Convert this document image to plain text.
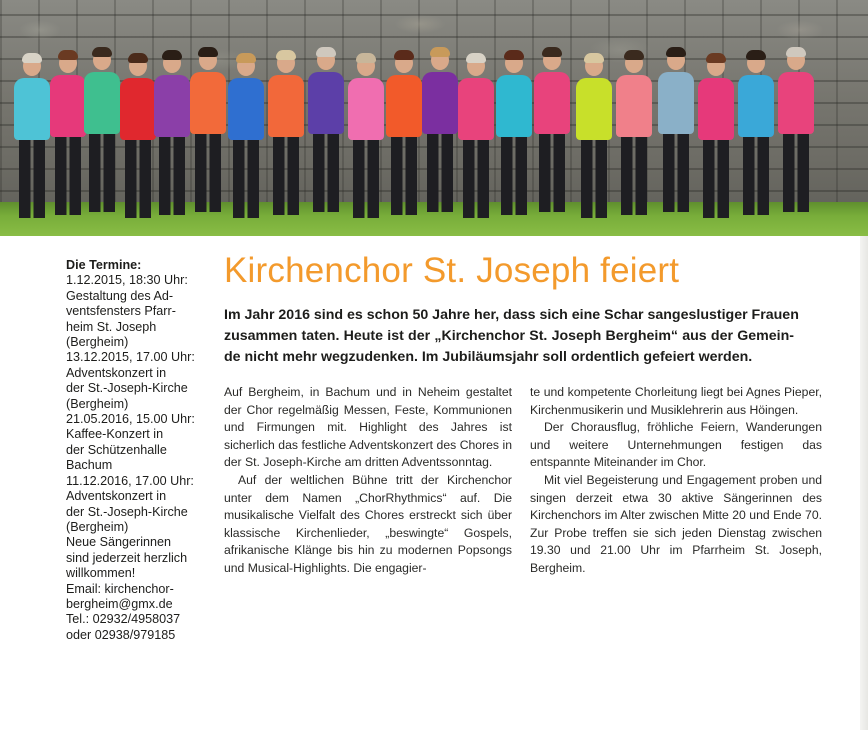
Die Termine:
1.12.2015, 18:30 Uhr:
Gestaltung des Ad-
ventsfensters Pfarr-
heim St. Joseph
(Bergheim)
13.12.2015, 17.00 Uhr:
Adventskonzert in
der St.-Joseph-Kirche
(Bergheim)
21.05.2016, 15.00 Uhr:
Kaffee-Konzert in
der Schützenhalle
Bachum
11.12.2016, 17.00 Uhr:
Adventskonzert in
der St.-Joseph-Kirche
(Bergheim)
Neue Sängerinnen
sind jederzeit herzlich
willkommen!
Email: kirchenchor-
bergheim@gmx.de
Tel.: 02932/4958037
oder 02938/979185
Kirchenchor St. Joseph feiert
Im Jahr 2016 sind es schon 50 Jahre her, dass sich eine Schar sangeslustiger Frauen
zusammen taten. Heute ist der „Kirchenchor St. Joseph Bergheim“ aus der Gemein-
de nicht mehr wegzudenken. Im Jubiläumsjahr soll ordentlich gefeiert werden.

Auf Bergheim, in Bachum und in Neheim gestaltet der Chor regelmäßig Messen, Feste, Kommunionen und Firmungen mit. Highlight des Jahres ist sicherlich das festliche Adventskonzert des Chores in der St. Joseph-Kirche am dritten Adventssonntag.

Auf der weltlichen Bühne tritt der Kirchenchor unter dem Namen „ChorRhythmics“ auf. Die musikalische Vielfalt des Chores erstreckt sich über klassische Kirchenlieder, „beswingte“ Gospels, afrikanische Klänge bis hin zu modernen Popsongs und Musical-Highlights. Die engagier-

te und kompetente Chorleitung liegt bei Agnes Pieper, Kirchenmusikerin und Musiklehrerin aus Höingen.

Der Chorausflug, fröhliche Feiern, Wanderungen und weitere Unternehmungen festigen das entspannte Miteinander im Chor.

Mit viel Begeisterung und Engagement proben und singen derzeit etwa 30 aktive Sängerinnen des Kirchenchors im Alter zwischen Mitte 20 und Ende 70. Zur Probe treffen sie sich jeden Dienstag zwischen 19.30 und 21.00 Uhr im Pfarrheim St. Joseph, Bergheim.
